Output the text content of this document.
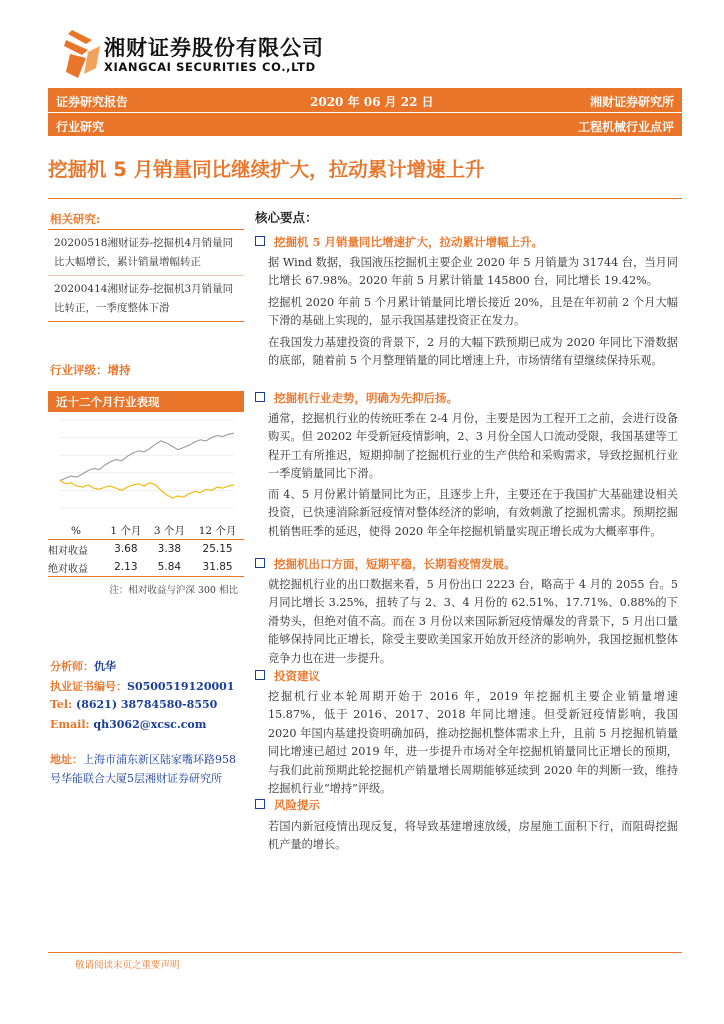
湘财证券股份有限公司
XIANGCAI SECURITIES CO.,LTD
证券研究报告	2020 年 06 月 22 日	湘财证券研究所
行业研究	工程机械行业点评
挖掘机 5 月销量同比继续扩大，拉动累计增速上升
相关研究:
20200518湘财证券-挖掘机4月销量同比大幅增长，累计销量增幅转正
20200414湘财证券-挖掘机3月销量同比转正，一季度整体下滑
行业评级：增持
近十二个月行业表现
%	1 个月	3 个月	12 个月
相对收益	3.68	3.38	25.15
绝对收益	2.13	5.84	31.85
注：相对收益与沪深 300 相比
分析师：仇华
执业证书编号：S0500519120001
Tel: (8621) 38784580-8550
Email: qh3062@xcsc.com
地址：上海市浦东新区陆家嘴环路958号华能联合大厦5层湘财证券研究所
核心要点：
挖掘机 5 月销量同比增速扩大，拉动累计增幅上升。

据 Wind 数据，我国液压挖掘机主要企业 2020 年 5 月销量为 31744 台，当月同比增长 67.98%。2020 年前 5 月累计销量 145800 台，同比增长 19.42%。

挖掘机 2020 年前 5 个月累计销量同比增长接近 20%，且是在年初前 2 个月大幅下滑的基础上实现的，显示我国基建投资正在发力。

在我国发力基建投资的背景下，2 月的大幅下跌预期已成为 2020 年同比下滑数据的底部，随着前 5 个月整理销量的同比增速上升，市场情绪有望继续保持乐观。

挖掘机行业走势，明确为先抑后扬。

通常，挖掘机行业的传统旺季在 2-4 月份，主要是因为工程开工之前，会进行设备购买。但 20202 年受新冠疫情影响，2、3 月份全国人口流动受限，我国基建等工程开工有所推迟，短期抑制了挖掘机行业的生产供给和采购需求，导致挖掘机行业一季度销量同比下滑。

而 4、5 月份累计销量同比为正，且逐步上升，主要还在于我国扩大基础建设相关投资，已快速消除新冠疫情对整体经济的影响，有效刺激了挖掘机需求。预期挖掘机销售旺季的延迟，使得 2020 年全年挖掘机销量实现正增长成为大概率事件。

挖掘机出口方面，短期平稳，长期看疫情发展。

就挖掘机行业的出口数据来看，5 月份出口 2223 台，略高于 4 月的 2055 台。5 月同比增长 3.25%，扭转了与 2、3、4 月份的 62.51%、17.71%、0.88%的下滑势头，但绝对值不高。而在 3 月份以来国际新冠疫情爆发的背景下，5 月出口量能够保持同比正增长，除受主要欧美国家开始放开经济的影响外，我国挖掘机整体竞争力也在进一步提升。

投资建议

挖掘机行业本轮周期开始于 2016 年，2019 年挖掘机主要企业销量增速 15.87%，低于 2016、2017、2018 年同比增速。但受新冠疫情影响，我国 2020 年国内基建投资明确加码，推动挖掘机整体需求上升，且前 5 月挖掘机销量同比增速已超过 2019 年，进一步提升市场对全年挖掘机销量同比正增长的预期，与我们此前预期此轮挖掘机产销量增长周期能够延续到 2020 年的判断一致，维持挖掘机行业“增持”评级。

风险提示

若国内新冠疫情出现反复，将导致基建增速放缓，房屋施工面积下行，而阻碍挖掘机产量的增长。

敬请阅读末页之重要声明
